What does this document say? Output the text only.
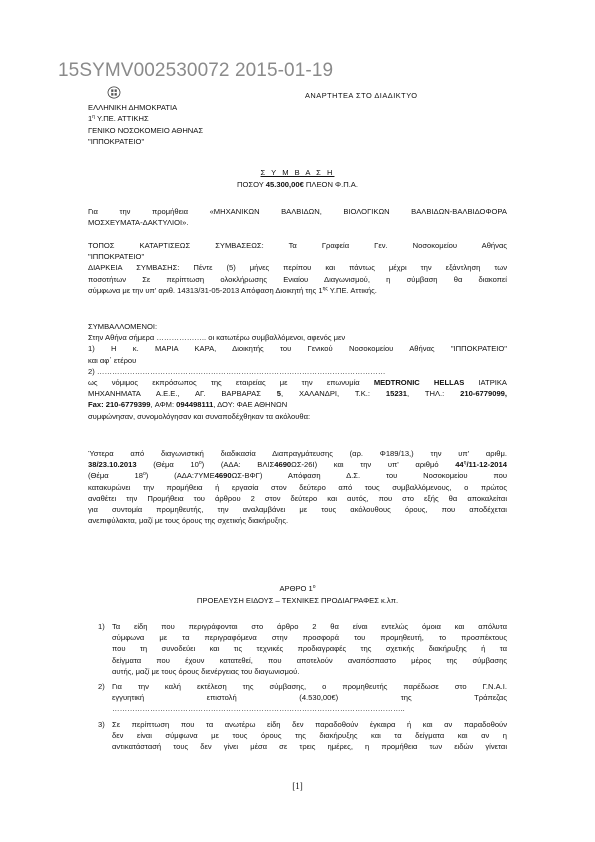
15SYMV002530072 2015-01-19
ΑΝΑΡΤΗΤΕΑ ΣΤΟ ΔΙΑΔΙΚΤΥΟ
ΕΛΛΗΝΙΚΗ ΔΗΜΟΚΡΑΤΙΑ
$1^\eta$ Υ.ΠΕ. ΑΤΤΙΚΗΣ
ΓΕΝΙΚΟ ΝΟΣΟΚΟΜΕΙΟ ΑΘΗΝΑΣ
"ΙΠΠΟΚΡΑΤΕΙΟ"
Σ Υ Μ Β Α Σ Η
ΠΟΣΟΥ 45.300,00€ ΠΛΕΟΝ Φ.Π.Α.
Για την προμήθεια «ΜΗΧΑΝΙΚΩΝ ΒΑΛΒΙΔΩΝ, ΒΙΟΛΟΓΙΚΩΝ ΒΑΛΒΙΔΩΝ-ΒΑΛΒΙΔΟΦΟΡΑ
ΜΟΣΧΕΥΜΑΤΑ-ΔΑΚΤΥΛΙΟΙ».
ΤΟΠΟΣ ΚΑΤΑΡΤΙΣΕΩΣ ΣΥΜΒΑΣΕΩΣ: Τα Γραφεία Γεν. Νοσοκομείου Αθήνας
"ΙΠΠΟΚΡΑΤΕΙΟ"
ΔΙΑΡΚΕΙΑ ΣΥΜΒΑΣΗΣ: Πέντε (5) μήνες περίπου και πάντως μέχρι την εξάντληση των
ποσοτήτων Σε περίπτωση ολοκλήρωσης Ενιαίου Διαγωνισμού, η σύμβαση θα διακοπεί
σύμφωνα με την υπ' αριθ. 14313/31-05-2013 Απόφαση Διοικητή της $1^{\eta\varsigma}$ Υ.ΠΕ. Αττικής.
ΣΥΜΒΑΛΛΟΜΕΝΟΙ:
Στην Αθήνα σήμερα ……………….. οι κατωτέρω συμβαλλόμενοι, αφενός μεν
1) Η κ. ΜΑΡΙΑ ΚΑΡΑ, Διοικητής του Γενικού Νοσοκομείου Αθήνας "ΙΠΠΟΚΡΑΤΕΙΟ"
και αφ΄ ετέρου
2) ……………………………………………………………………………………………………
ως νόμιμος εκπρόσωπος της εταιρείας με την επωνυμία MEDTRONIC HELLAS ΙΑΤΡΙΚΑ
ΜΗΧΑΝΗΜΑΤΑ Α.Ε.Ε., ΑΓ. ΒΑΡΒΑΡΑΣ 5, ΧΑΛΑΝΔΡΙ, Τ.Κ.: 15231, ΤΗΛ.: 210-6779099,
Fax: 210-6779399, ΑΦΜ: 094498111, ΔΟΥ: ΦΑΕ ΑΘΗΝΩΝ
συμφώνησαν, συνομολόγησαν και συναποδέχθηκαν τα ακόλουθα:
Ύστερα από διαγωνιστική διαδικασία Διαπραγμάτευσης (αρ. Φ189/13,) την υπ' αριθμ.
38/23.10.2013 (Θέμα $10^o$) (ΑΔΑ: ΒΛΙΣ4690ΩΣ-26Ι) και την υπ' αριθμό $44^\eta/11-12-2014$
(Θέμα $18^o$) (ΑΔΑ:7ΥΜΕ4690ΩΣ-ΒΦΓ) Απόφαση Δ.Σ. του Νοσοκομείου που
κατακυρώνει την προμήθεια ή εργασία στον δεύτερο από τους συμβαλλόμενους, ο πρώτος
αναθέτει την Προμήθεια του άρθρου 2 στον δεύτερο και αυτός, που στο εξής θα αποκαλείται
για συντομία προμηθευτής, την αναλαμβάνει με τους ακόλουθους όρους, που αποδέχεται
ανεπιφύλακτα, μαζί με τους όρους της σχετικής διακήρυξης.
ΑΡΘΡΟ $1^o$
ΠΡΟΕΛΕΥΣΗ ΕΙΔΟΥΣ – ΤΕΧΝΙΚΕΣ ΠΡΟΔΙΑΓΡΑΦΕΣ κ.λπ.
1) Τα είδη που περιγράφονται στο άρθρο 2 θα είναι εντελώς όμοια και απόλυτα
σύμφωνα με τα περιγραφόμενα στην προσφορά του προμηθευτή, το προσπέκτους
που τη συνοδεύει και τις τεχνικές προδιαγραφές της σχετικής διακήρυξης ή τα
δείγματα που έχουν κατατεθεί, που αποτελούν αναπόσπαστο μέρος της σύμβασης
αυτής, μαζί με τους όρους διενέργειας του διαγωνισμού.
2) Για την καλή εκτέλεση της σύμβασης, ο προμηθευτής παρέδωσε στο Γ.Ν.Α.Ι.
εγγυητική επιστολή (4.530,00€) της Τράπεζας
……………………………………………………………………………………………………..
3) Σε περίπτωση που τα ανωτέρω είδη δεν παραδοθούν έγκαιρα ή και αν παραδοθούν
δεν είναι σύμφωνα με τους όρους της διακήρυξης και τα δείγματα και αν η
αντικατάστασή τους δεν γίνει μέσα σε τρεις ημέρες, η προμήθεια των ειδών γίνεται
[1]
